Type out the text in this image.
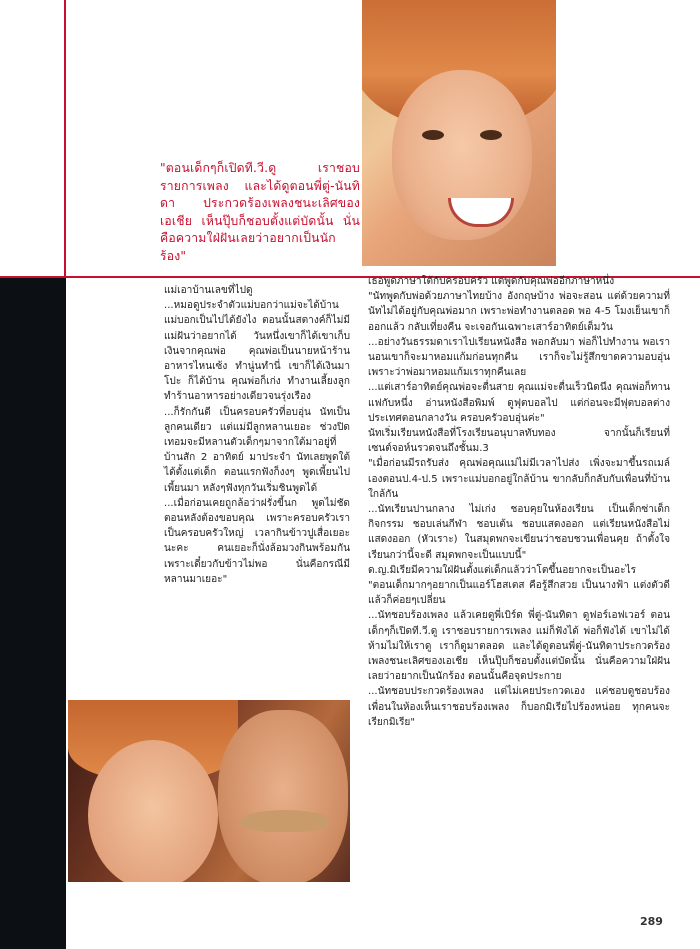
"ตอนเด็กๆก็เปิดที.วี.ดู เราชอบรายการเพลง และได้ดูตอนพี่ตู่-นันทิดา ประกวดร้องเพลงชนะเลิศของเอเชีย เห็นปุ๊บก็ชอบตั้งแต่บัดนั้น นั่นคือความใฝ่ฝันเลยว่าอยากเป็นนักร้อง"

แม่เอาบ้านเลขที่ไปดู

...หมอดูประจำตัวแม่บอกว่าแม่จะได้บ้าน แม่บอกเป็นไปได้ยังไง ตอนนั้นสตางค์ก็ไม่มี แม่ฝันว่าอยากได้ วันหนึ่งเขาก็ได้เขาเก็บเงินจากคุณพ่อ คุณพ่อเป็นนายหน้าร้านอาหารไหนเซ้ง ทำนู่นทำนี่ เขาก็ได้เงินมาโปะ ก็ได้บ้าน คุณพ่อก็เก่ง ทำงานเลี้ยงลูก ทำร้านอาหารอย่างเดียวจนรุ่งเรือง

...ก็รักกันดี เป็นครอบครัวที่อบอุ่น นัทเป็นลูกคนเดียว แต่แม่มีลูกหลานเยอะ ช่วงปิดเทอมจะมีหลานตัวเด็กๆมาจากใต้มาอยู่ที่บ้านสัก 2 อาทิตย์ มาประจำ นัทเลยพูดใต้ได้ตั้งแต่เด็ก ตอนแรกฟังก็งงๆ พูดเพี้ยนไปเพี้ยนมา หลังๆฟังทุกวันเริ่มชินพูดได้

...เมื่อก่อนเคยถูกล้อว่าฝรั่งขี้นก พูดไม่ชัด ตอนหลังต้องขอบคุณ เพราะครอบครัวเราเป็นครอบครัวใหญ่ เวลากินข้าวปูเสื่อเยอะนะคะ คนเยอะก็นั่งล้อมวงกินพร้อมกัน เพราะเดี๋ยวกับข้าวไม่พอ นั่นคือกรณีมีหลานมาเยอะ"

เธอพูดภาษาใต้กับครอบครัว แต่พูดกับคุณพ่ออีกภาษาหนึ่ง

"นัทพูดกับพ่อด้วยภาษาไทยบ้าง อังกฤษบ้าง พ่อจะสอน แต่ด้วยความที่นัทไม่ได้อยู่กับคุณพ่อมาก เพราะพ่อทำงานตลอด พอ 4-5 โมงเย็นเขาก็ออกแล้ว กลับเที่ยงคืน จะเจอกันเฉพาะเสาร์อาทิตย์เต็มวัน

...อย่างวันธรรมดาเราไปเรียนหนังสือ พอกลับมา พ่อก็ไปทำงาน พอเรานอนเขาก็จะมาหอมแก้มก่อนทุกคืน เราก็จะไม่รู้สึกขาดความอบอุ่น เพราะว่าพ่อมาหอมแก้มเราทุกคืนเลย

...แต่เสาร์อาทิตย์คุณพ่อจะตื่นสาย คุณแม่จะตื่นเร็วนิดนึง คุณพ่อก็ทานแฟกับหนึ่ง อ่านหนังสือพิมพ์ ดูฟุตบอลไป แต่ก่อนจะมีฟุตบอลต่างประเทศตอนกลางวัน ครอบครัวอบอุ่นค่ะ"

นัทเริ่มเรียนหนังสือที่โรงเรียนอนุบาลทับทอง จากนั้นก็เรียนที่เซนต์จอห์นรวดจนถึงชั้นม.3

"เมื่อก่อนมีรถรับส่ง คุณพ่อคุณแม่ไม่มีเวลาไปส่ง เพิ่งจะมาขึ้นรถเมล์เองตอนป.4-ป.5 เพราะแม่บอกอยู่ใกล้บ้าน ขากลับก็กลับกับเพื่อนที่บ้านใกล้กัน

...นัทเรียนปานกลาง ไม่เก่ง ชอบคุยในห้องเรียน เป็นเด็กซ่าเด็กกิจกรรม ชอบเล่นกีฬา ชอบเต้น ชอบแสดงออก แต่เรียนหนังสือไม่แสดงออก (หัวเราะ) ในสมุดพกจะเขียนว่าชอบชวนเพื่อนคุย ถ้าตั้งใจเรียนกว่านี้จะดี สมุดพกจะเป็นแบบนี้"

ด.ญ.มิเรียมีความใฝ่ฝันตั้งแต่เด็กแล้วว่าโตขึ้นอยากจะเป็นอะไร

"ตอนเด็กมากๆอยากเป็นแอร์โฮสเตส คือรู้สึกสวย เป็นนางฟ้า แต่งตัวดี แล้วก็ค่อยๆเปลี่ยน

...นัทชอบร้องเพลง แล้วเคยดูพี่เบิร์ด พี่ตู่-นันทิดา ดูฟอร์เอฟเวอร์ ตอนเด็กๆก็เปิดที.วี.ดู เราชอบรายการเพลง แม่ก็ฟังได้ พ่อก็ฟังได้ เขาไม่ได้ห้ามไม่ให้เราดู เราก็ดูมาตลอด และได้ดูตอนพี่ตู่-นันทิดาประกวดร้องเพลงชนะเลิศของเอเชีย เห็นปุ๊บก็ชอบตั้งแต่บัดนั้น นั่นคือความใฝ่ฝันเลยว่าอยากเป็นนักร้อง ตอนนั้นคือจุดประกาย

...นัทชอบประกวดร้องเพลง แต่ไม่เคยประกวดเอง แค่ชอบดูชอบร้อง เพื่อนในห้องเห็นเราชอบร้องเพลง ก็บอกมิเรียไปร้องหน่อย ทุกคนจะเรียกมิเรีย"

289
